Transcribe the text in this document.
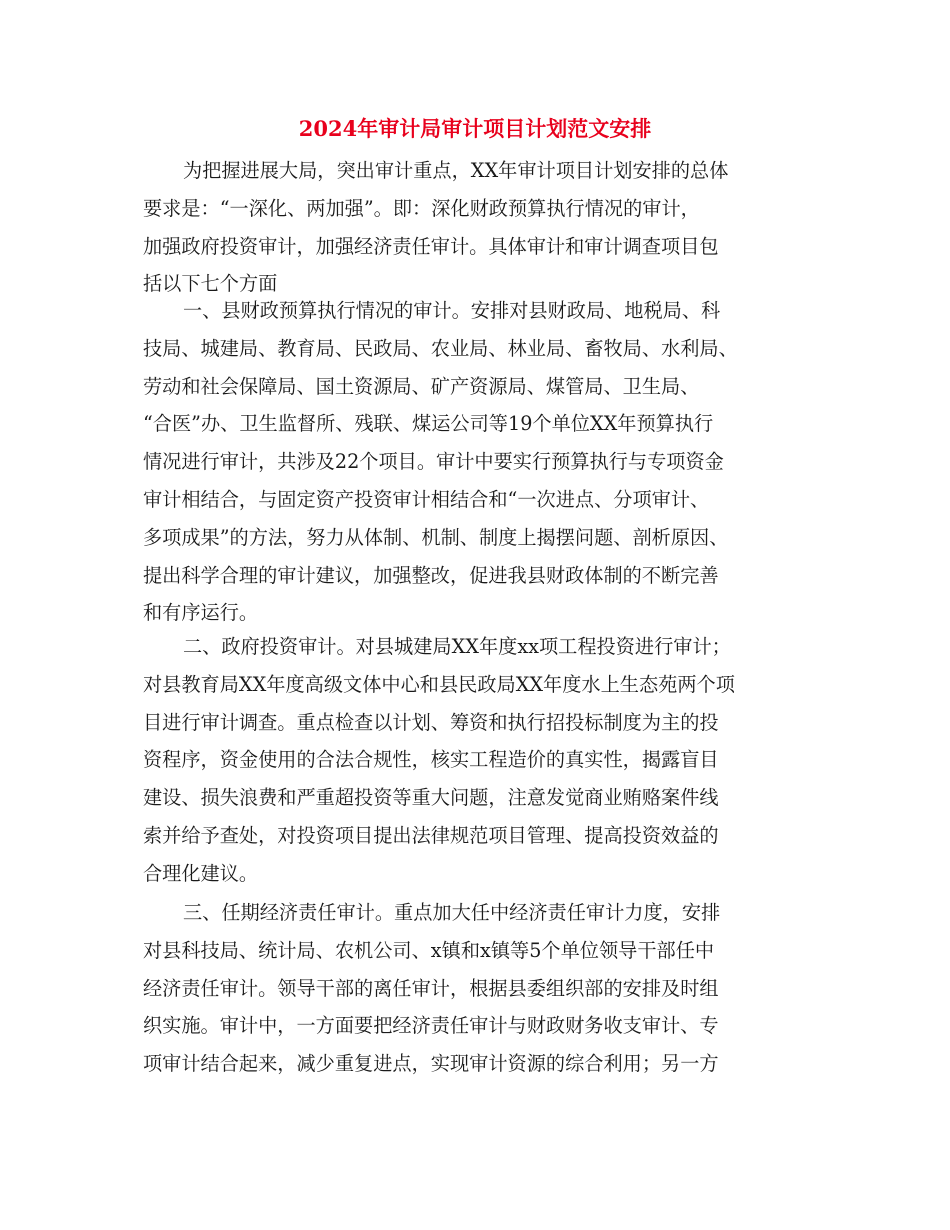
2024年审计局审计项目计划范文安排

为把握进展大局，突出审计重点，XX年审计项目计划安排的总体

要求是：“一深化、两加强”。即：深化财政预算执行情况的审计，

加强政府投资审计，加强经济责任审计。具体审计和审计调查项目包

括以下七个方面

一、县财政预算执行情况的审计。安排对县财政局、地税局、科

技局、城建局、教育局、民政局、农业局、林业局、畜牧局、水利局、

劳动和社会保障局、国土资源局、矿产资源局、煤管局、卫生局、

“合医”办、卫生监督所、残联、煤运公司等19个单位XX年预算执行

情况进行审计，共涉及22个项目。审计中要实行预算执行与专项资金

审计相结合，与固定资产投资审计相结合和“一次进点、分项审计、

多项成果”的方法，努力从体制、机制、制度上揭摆问题、剖析原因、

提出科学合理的审计建议，加强整改，促进我县财政体制的不断完善

和有序运行。

二、政府投资审计。对县城建局XX年度xx项工程投资进行审计；

对县教育局XX年度高级文体中心和县民政局XX年度水上生态苑两个项

目进行审计调查。重点检查以计划、筹资和执行招投标制度为主的投

资程序，资金使用的合法合规性，核实工程造价的真实性，揭露盲目

建设、损失浪费和严重超投资等重大问题，注意发觉商业贿赂案件线

索并给予查处，对投资项目提出法律规范项目管理、提高投资效益的

合理化建议。

三、任期经济责任审计。重点加大任中经济责任审计力度，安排

对县科技局、统计局、农机公司、x镇和x镇等5个单位领导干部任中

经济责任审计。领导干部的离任审计，根据县委组织部的安排及时组

织实施。审计中，一方面要把经济责任审计与财政财务收支审计、专

项审计结合起来，减少重复进点，实现审计资源的综合利用；另一方
